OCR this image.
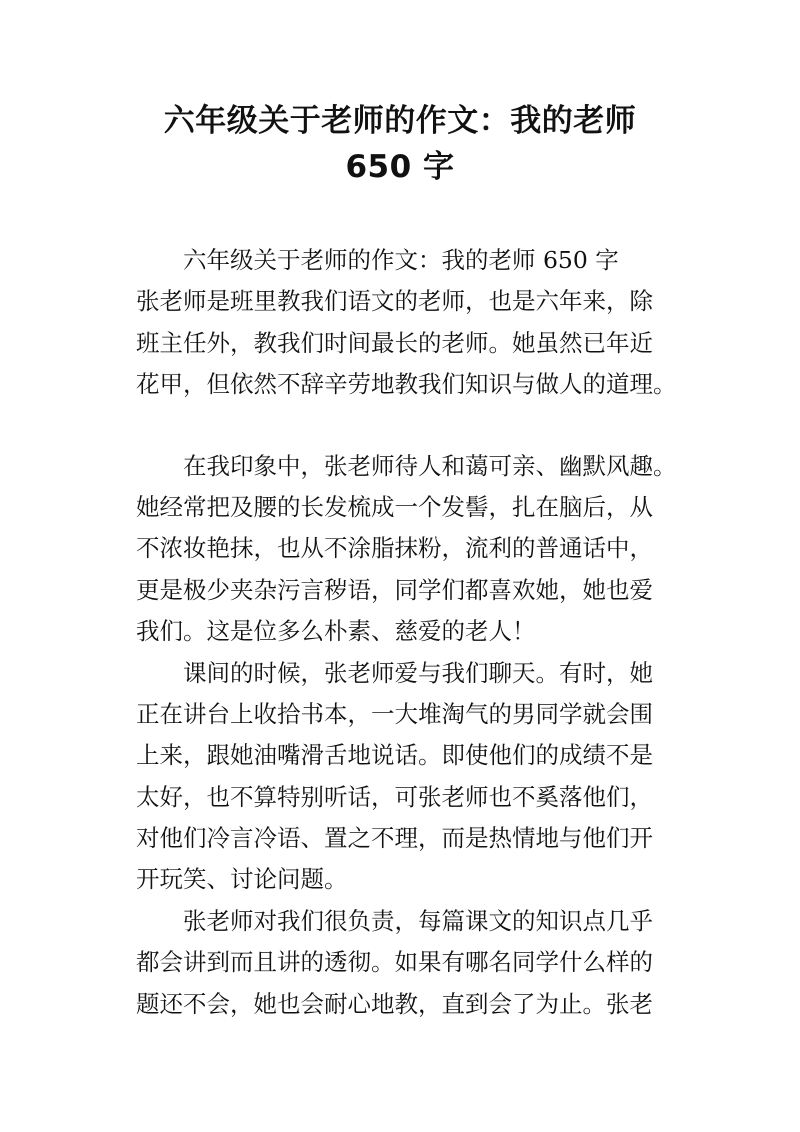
六年级关于老师的作文：我的老师
650 字
六年级关于老师的作文：我的老师 650 字
张老师是班里教我们语文的老师，也是六年来，除
班主任外，教我们时间最长的老师。她虽然已年近
花甲，但依然不辞辛劳地教我们知识与做人的道理。
在我印象中，张老师待人和蔼可亲、幽默风趣。
她经常把及腰的长发梳成一个发髻，扎在脑后，从
不浓妆艳抹，也从不涂脂抹粉，流利的普通话中，
更是极少夹杂污言秽语，同学们都喜欢她，她也爱
我们。这是位多么朴素、慈爱的老人！
课间的时候，张老师爱与我们聊天。有时，她
正在讲台上收拾书本，一大堆淘气的男同学就会围
上来，跟她油嘴滑舌地说话。即使他们的成绩不是
太好，也不算特别听话，可张老师也不奚落他们，
对他们冷言冷语、置之不理，而是热情地与他们开
开玩笑、讨论问题。
张老师对我们很负责，每篇课文的知识点几乎
都会讲到而且讲的透彻。如果有哪名同学什么样的
题还不会，她也会耐心地教，直到会了为止。张老
